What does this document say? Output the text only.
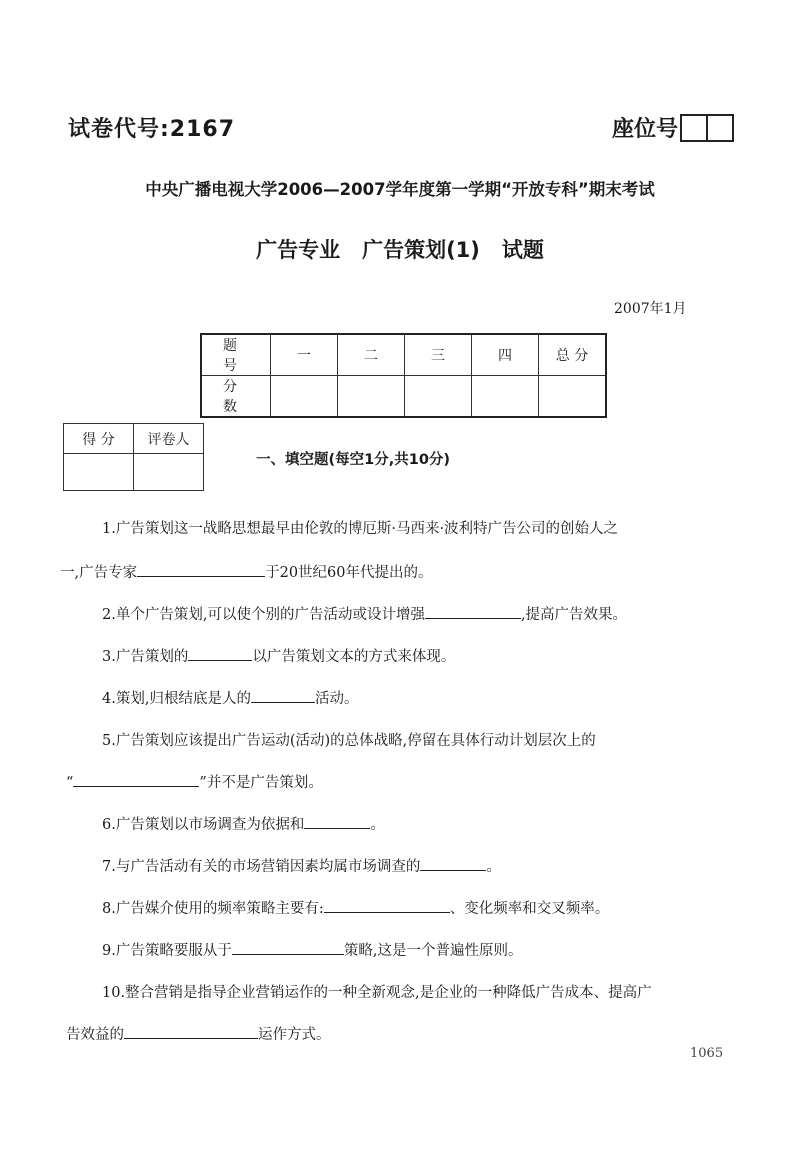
试卷代号:2167	座位号
中央广播电视大学2006—2007学年度第一学期“开放专科”期末考试
广告专业   广告策划(1)   试题
2007年1月
题 号	一	二	三	四	总 分
分 数					
得 分	评卷人

一、填空题(每空1分,共10分)
1.广告策划这一战略思想最早由伦敦的博厄斯·马西来·波利特广告公司的创始人之
一,广告专家	于20世纪60年代提出的。
2.单个广告策划,可以使个别的广告活动或设计增强	,提高广告效果。
3.广告策划的	以广告策划文本的方式来体现。
4.策划,归根结底是人的	活动。
5.广告策划应该提出广告运动(活动)的总体战略,停留在具体行动计划层次上的
“	”并不是广告策划。
6.广告策划以市场调查为依据和	。
7.与广告活动有关的市场营销因素均属市场调查的	。
8.广告媒介使用的频率策略主要有:	、变化频率和交叉频率。
9.广告策略要服从于	策略,这是一个普遍性原则。
10.整合营销是指导企业营销运作的一种全新观念,是企业的一种降低广告成本、提高广
告效益的	运作方式。
1065
